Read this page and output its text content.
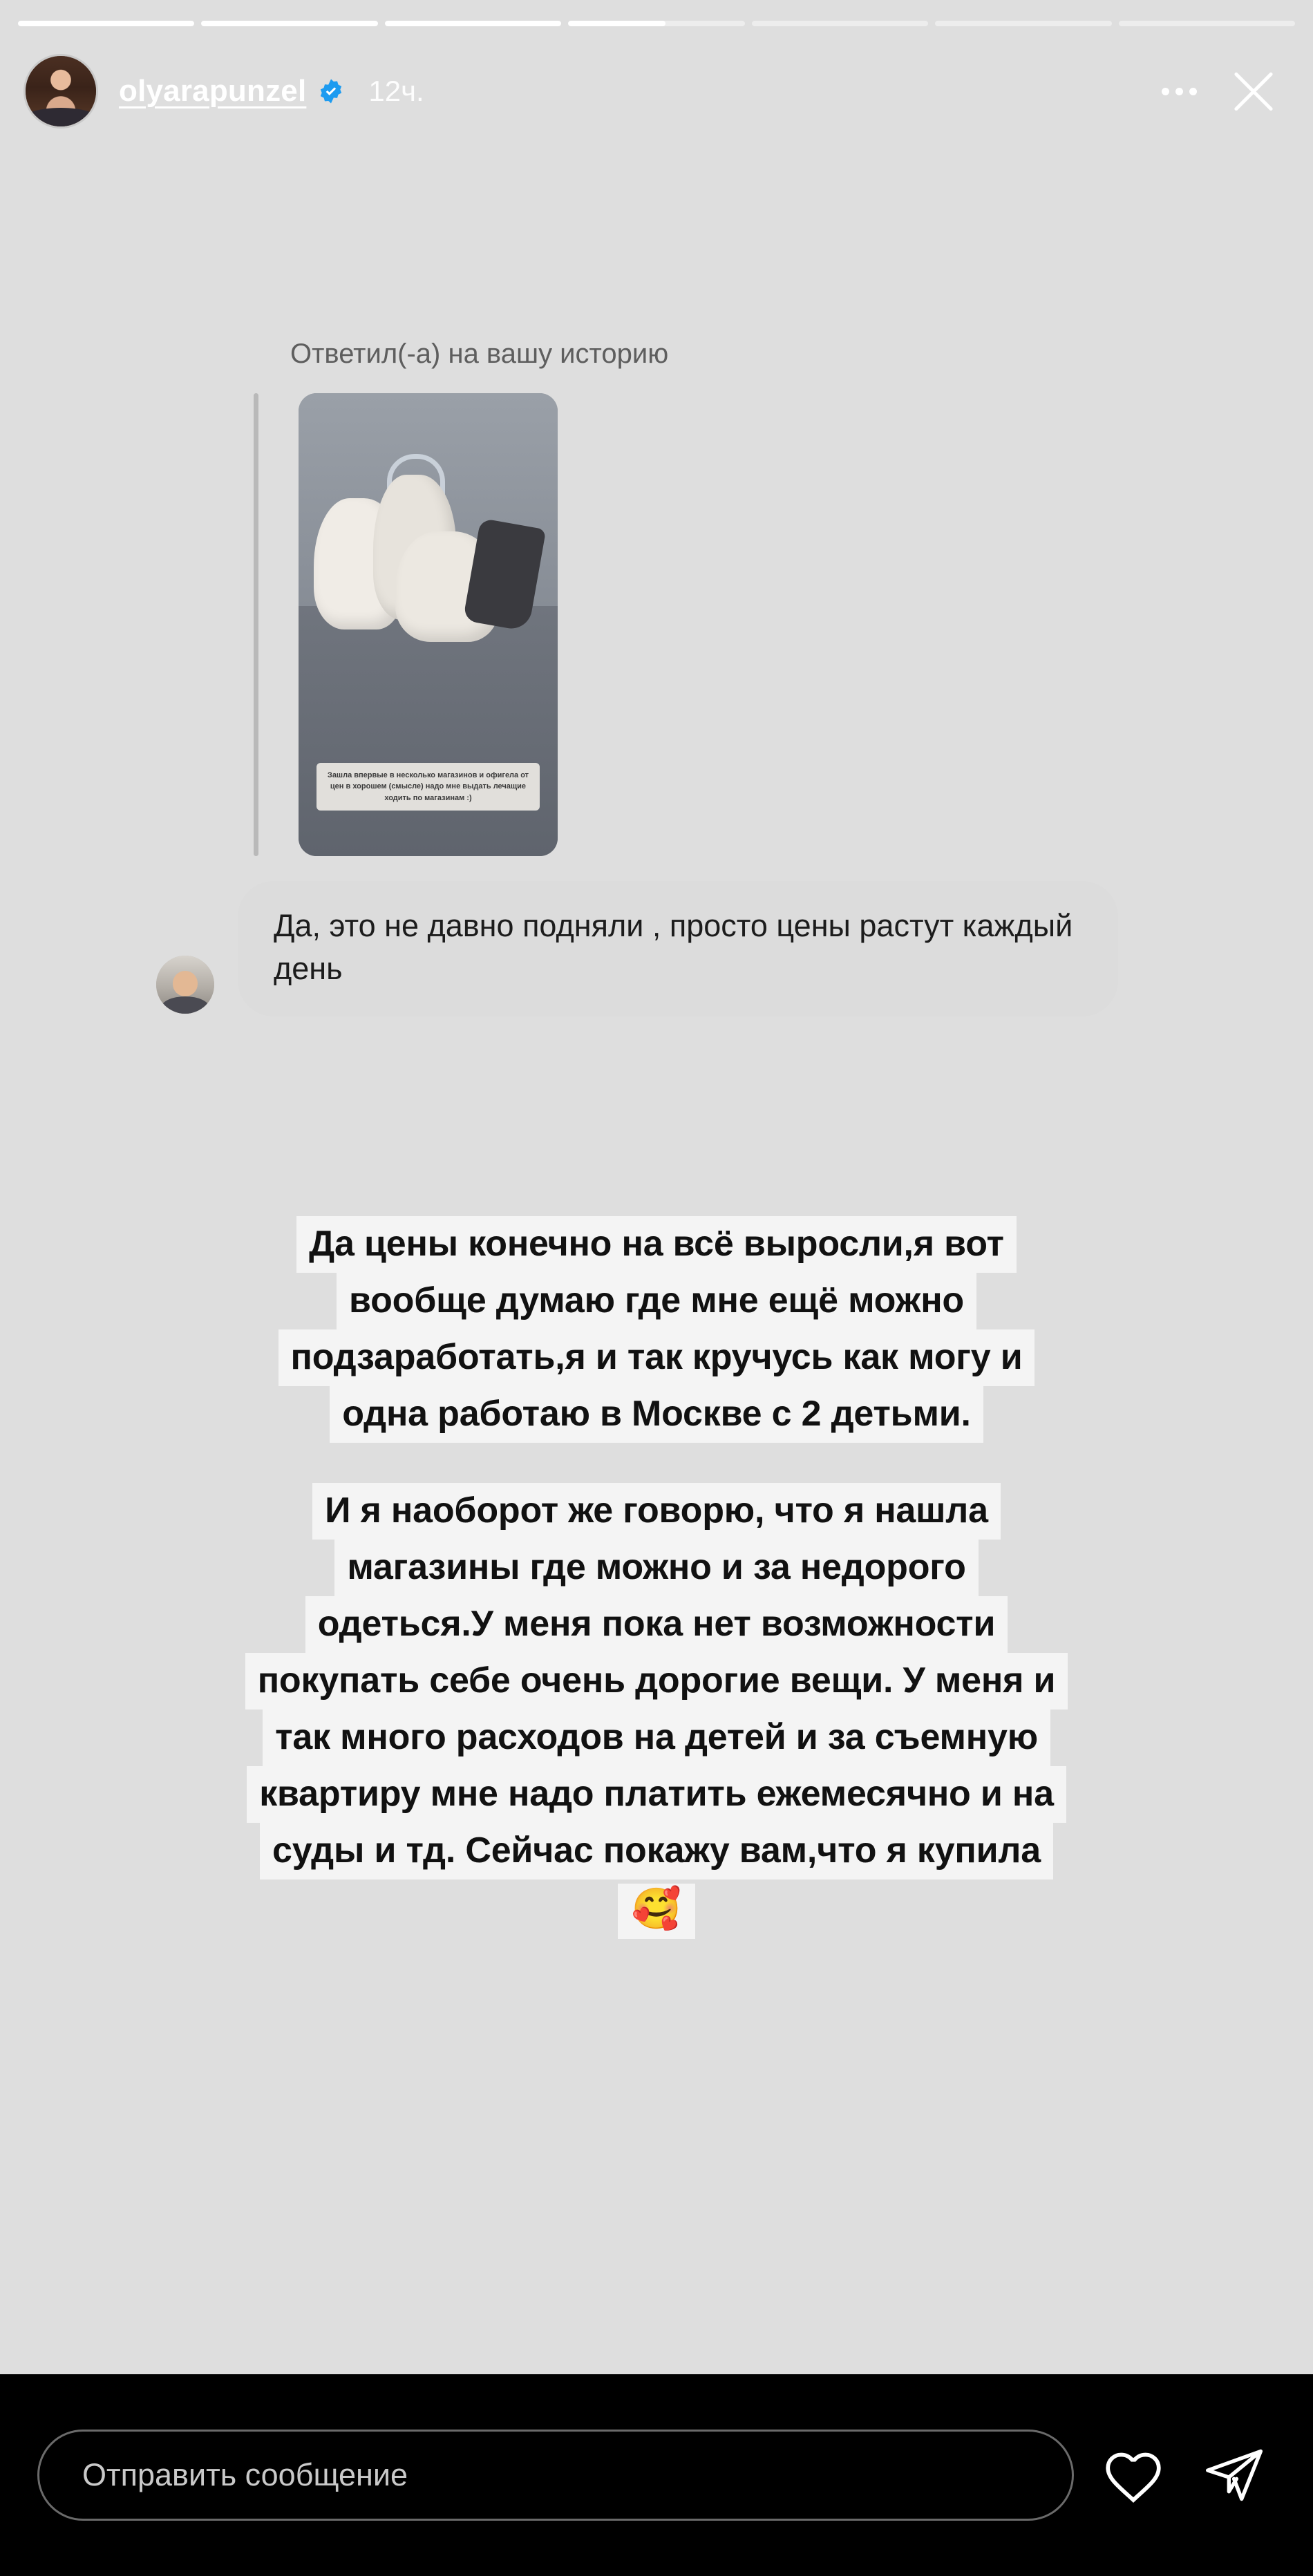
olyarapunzel 12ч.
Ответил(-а) на вашу историю
Зашла впервые в несколько магазинов и офигела от цен в хорошем (смысле) надо мне выдать лечащие ходить по магазинам :)
Да, это не давно подняли , просто цены растут каждый день
Да цены конечно на всё выросли,я вот
вообще думаю где мне ещё можно
подзаработать,я и так кручусь как могу и
одна работаю в Москве с 2 детьми.
И я наоборот же говорю, что я нашла
магазины где можно и за недорого
одеться.У меня пока нет возможности
покупать себе очень дорогие вещи. У меня и
так много расходов на детей и за съемную
квартиру мне надо платить ежемесячно и на
суды и тд. Сейчас покажу вам,что я купила
🥰
Отправить сообщение
